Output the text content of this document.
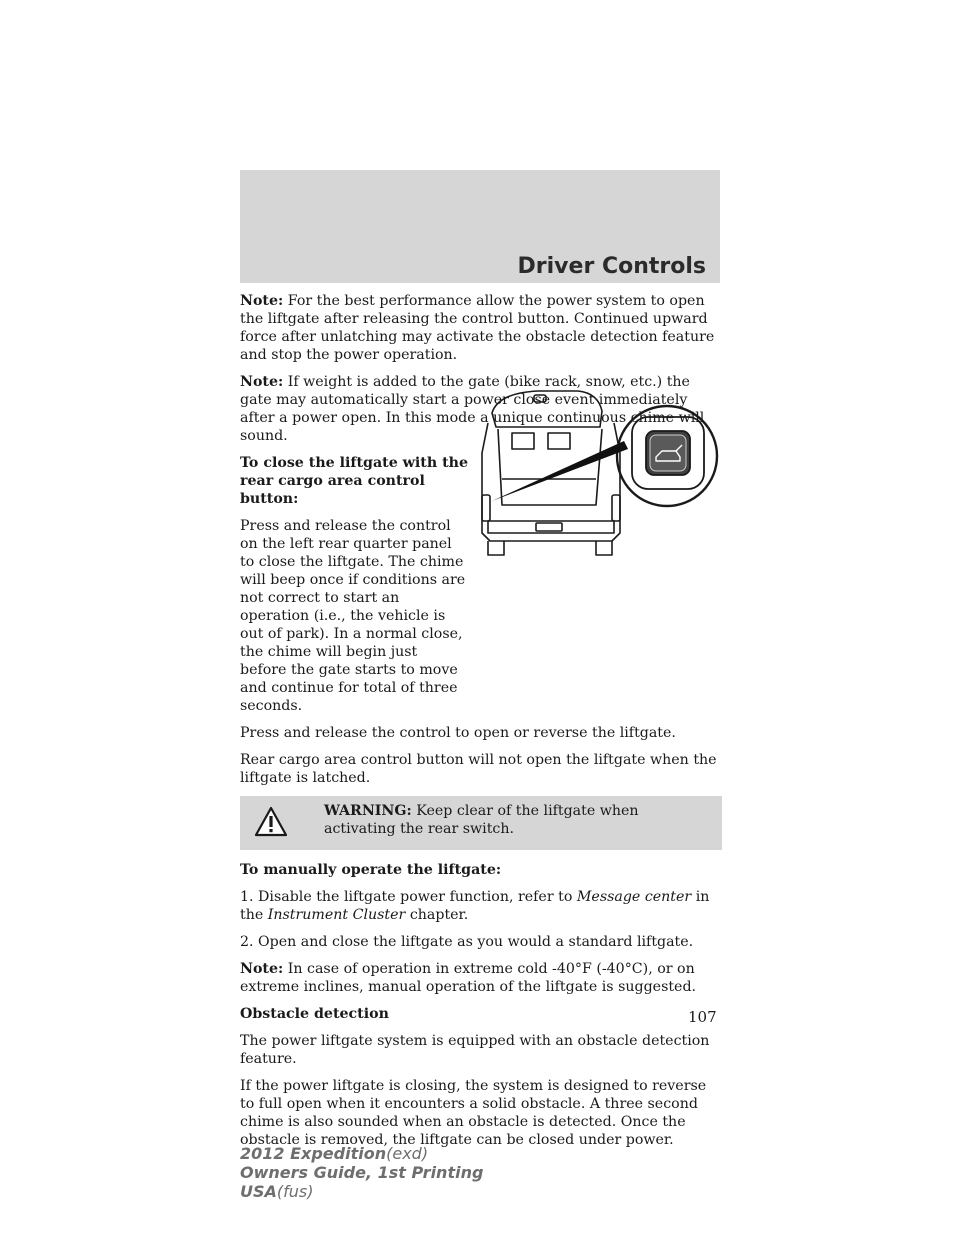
Driver Controls

Note: For the best performance allow the power system to open the liftgate after releasing the control button. Continued upward force after unlatching may activate the obstacle detection feature and stop the power operation.

Note: If weight is added to the gate (bike rack, snow, etc.) the gate may automatically start a power close event immediately after a power open. In this mode a unique continuous chime will sound.

To close the liftgate with the rear cargo area control button:

Press and release the control on the left rear quarter panel to close the liftgate. The chime will beep once if conditions are not correct to start an operation (i.e., the vehicle is out of park). In a normal close, the chime will begin just before the gate starts to move and continue for total of three seconds.

Press and release the control to open or reverse the liftgate.

Rear cargo area control button will not open the liftgate when the liftgate is latched.

WARNING: Keep clear of the liftgate when activating the rear switch.

To manually operate the liftgate:

1. Disable the liftgate power function, refer to Message center in the Instrument Cluster chapter.

2. Open and close the liftgate as you would a standard liftgate.

Note: In case of operation in extreme cold -40°F (-40°C), or on extreme inclines, manual operation of the liftgate is suggested.

Obstacle detection

The power liftgate system is equipped with an obstacle detection feature.

If the power liftgate is closing, the system is designed to reverse to full open when it encounters a solid obstacle. A three second chime is also sounded when an obstacle is detected. Once the obstacle is removed, the liftgate can be closed under power.

107
2012 Expedition(exd)
Owners Guide, 1st Printing
USA(fus)
